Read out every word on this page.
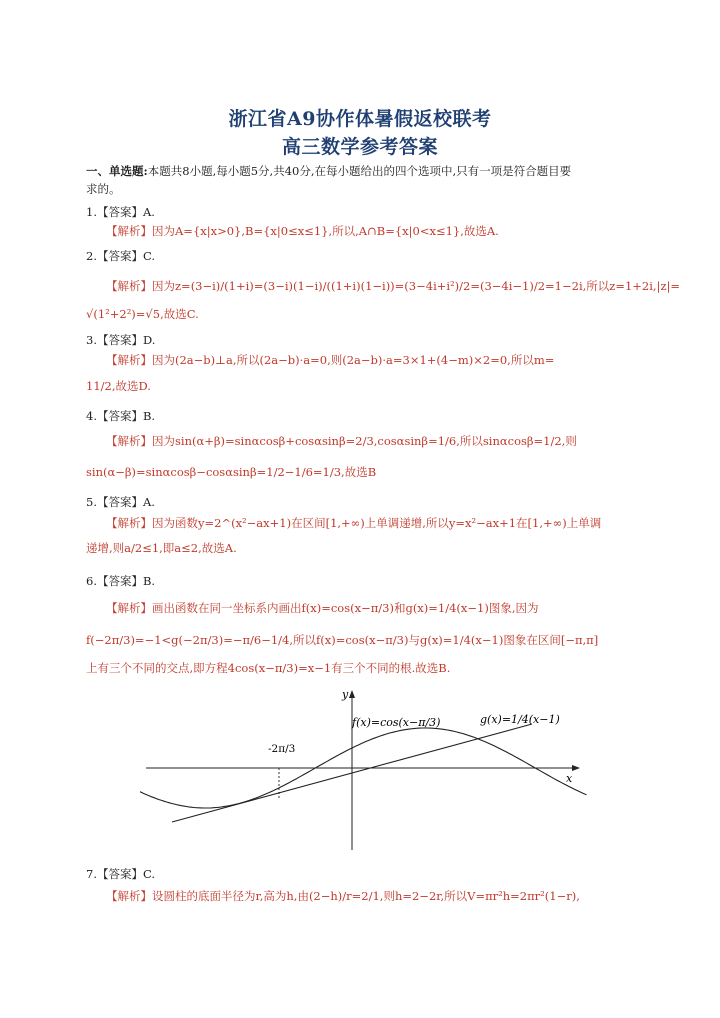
浙江省A9协作体暑假返校联考
高三数学参考答案
一、单选题:本题共8小题,每小题5分,共40分,在每小题给出的四个选项中,只有一项是符合题目要
求的。
1.【答案】A.
【解析】因为A={x|x>0},B={x|0≤x≤1},所以,A∩B={x|0<x≤1},故选A.
2.【答案】C.
【解析】因为z=(3−i)/(1+i)=(3−i)(1−i)/((1+i)(1−i))=(3−4i+i²)/2=(3−4i−1)/2=1−2i,所以z=1+2i,|z|=
√(1²+2²)=√5,故选C.
3.【答案】D.
【解析】因为(2a−b)⊥a,所以(2a−b)·a=0,则(2a−b)·a=3×1+(4−m)×2=0,所以m=
11/2,故选D.
4.【答案】B.
【解析】因为sin(α+β)=sinαcosβ+cosαsinβ=2/3,cosαsinβ=1/6,所以sinαcosβ=1/2,则
sin(α−β)=sinαcosβ−cosαsinβ=1/2−1/6=1/3,故选B
5.【答案】A.
【解析】因为函数y=2^(x²−ax+1)在区间[1,+∞)上单调递增,所以y=x²−ax+1在[1,+∞)上单调
递增,则a/2≤1,即a≤2,故选A.
6.【答案】B.
【解析】画出函数在同一坐标系内画出f(x)=cos(x−π/3)和g(x)=1/4(x−1)图象,因为
f(−2π/3)=−1<g(−2π/3)=−π/6−1/4,所以f(x)=cos(x−π/3)与g(x)=1/4(x−1)图象在区间[−π,π]
上有三个不同的交点,即方程4cos(x−π/3)=x−1有三个不同的根.故选B.
y
x
-2π/3
f(x)=cos(x−π/3)	g(x)=1/4(x−1)
7.【答案】C.
【解析】设圆柱的底面半径为r,高为h,由(2−h)/r=2/1,则h=2−2r,所以V=πr²h=2πr²(1−r),
